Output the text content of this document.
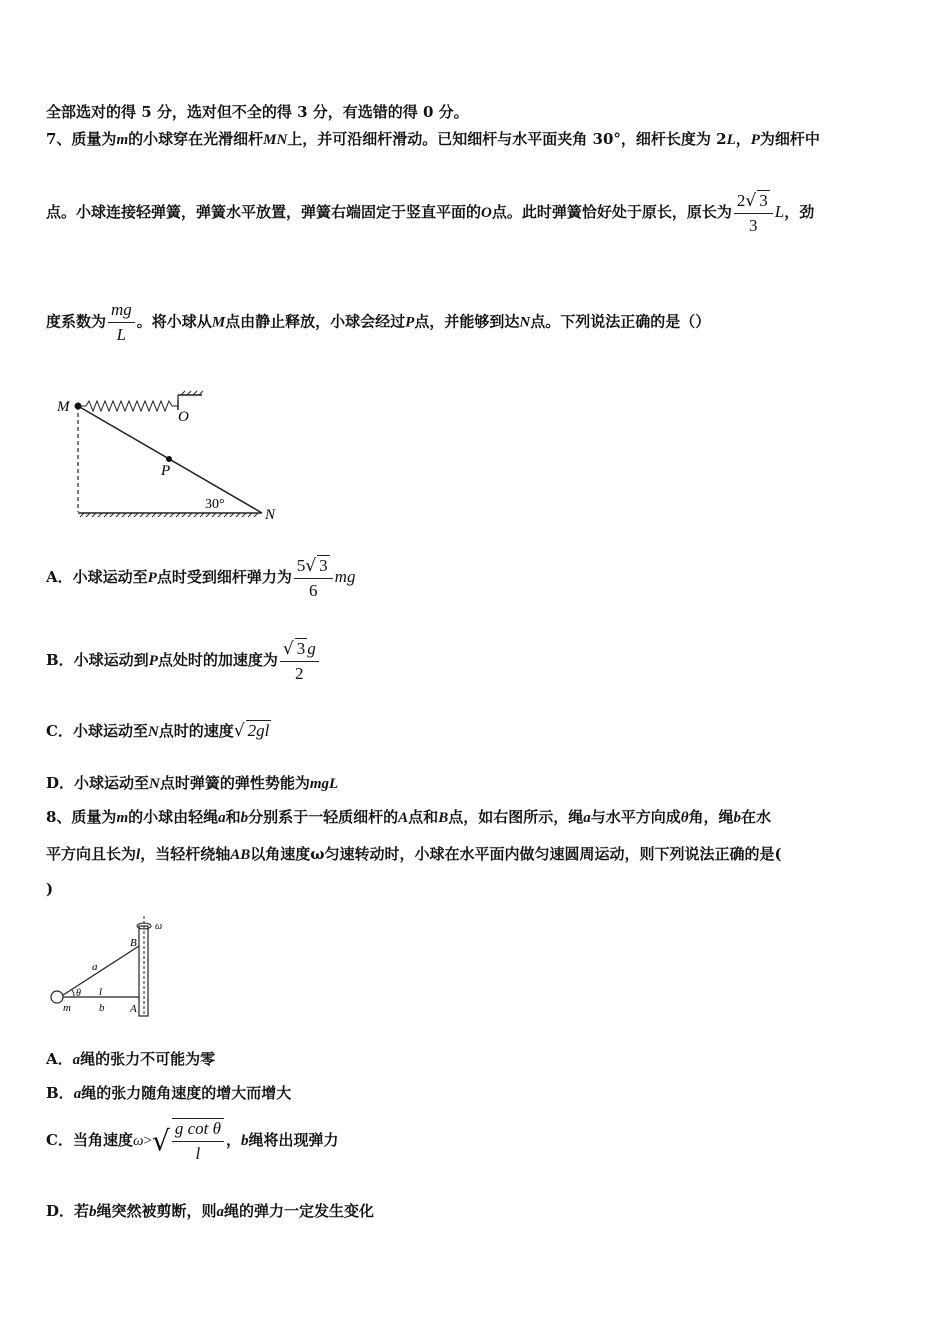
全部选对的得 5 分，选对但不全的得 3 分，有选错的得 0 分。
7、质量为m的小球穿在光滑细杆MN上，并可沿细杆滑动。已知细杆与水平面夹角 30°，细杆长度为 2L，P为细杆中
点。小球连接轻弹簧，弹簧水平放置，弹簧右端固定于竖直平面的O点。此时弹簧恰好处于原长，原长为 $\frac{2√ 3}{3}$ L，劲
度系数为 $\frac{mg}{L}$ 。将小球从M点由静止释放，小球会经过P点，并能够到达N点。下列说法正确的是（）
M
O
P
N
30°
A．小球运动至P点时受到细杆弹力为 $\frac{5√ 3}{6}$ mg
B．小球运动到P点处时的加速度为 $\frac{√ 3 g}{2}$
C．小球运动至N点时的速度√ 2gl
D．小球运动至N点时弹簧的弹性势能为mgL
8、质量为m的小球由轻绳a和b分别系于一轻质细杆的A点和B点，如右图所示，绳a与水平方向成θ角，绳b在水
平方向且长为l，当轻杆绕轴AB以角速度ω匀速转动时，小球在水平面内做匀速圆周运动，则下列说法正确的是(
)
B
A
a
l
b
m
θ
ω
A．a绳的张力不可能为零
B．a绳的张力随角速度的增大而增大
C．当角速度$\omega>√ \frac{\text{g cot θ}}{l}$ ，b绳将出现弹力
D．若b绳突然被剪断，则a绳的弹力一定发生变化
